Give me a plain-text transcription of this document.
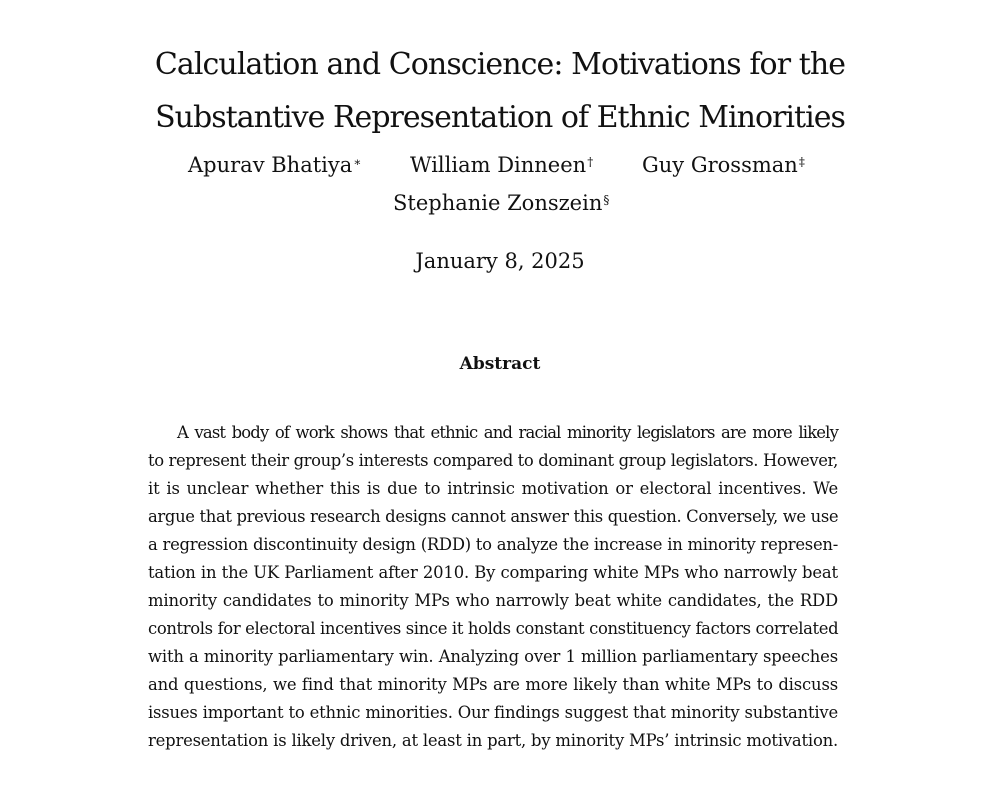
Calculation and Conscience: Motivations for the
Substantive Representation of Ethnic Minorities
Apurav Bhatiya∗ William Dinneen† Guy Grossman‡
Stephanie Zonszein§
January 8, 2025
Abstract
A vast body of work shows that ethnic and racial minority legislators are more likely
to represent their group’s interests compared to dominant group legislators. However,
it is unclear whether this is due to intrinsic motivation or electoral incentives. We
argue that previous research designs cannot answer this question. Conversely, we use
a regression discontinuity design (RDD) to analyze the increase in minority represen-
tation in the UK Parliament after 2010. By comparing white MPs who narrowly beat
minority candidates to minority MPs who narrowly beat white candidates, the RDD
controls for electoral incentives since it holds constant constituency factors correlated
with a minority parliamentary win. Analyzing over 1 million parliamentary speeches
and questions, we find that minority MPs are more likely than white MPs to discuss
issues important to ethnic minorities. Our findings suggest that minority substantive
representation is likely driven, at least in part, by minority MPs’ intrinsic motivation.
